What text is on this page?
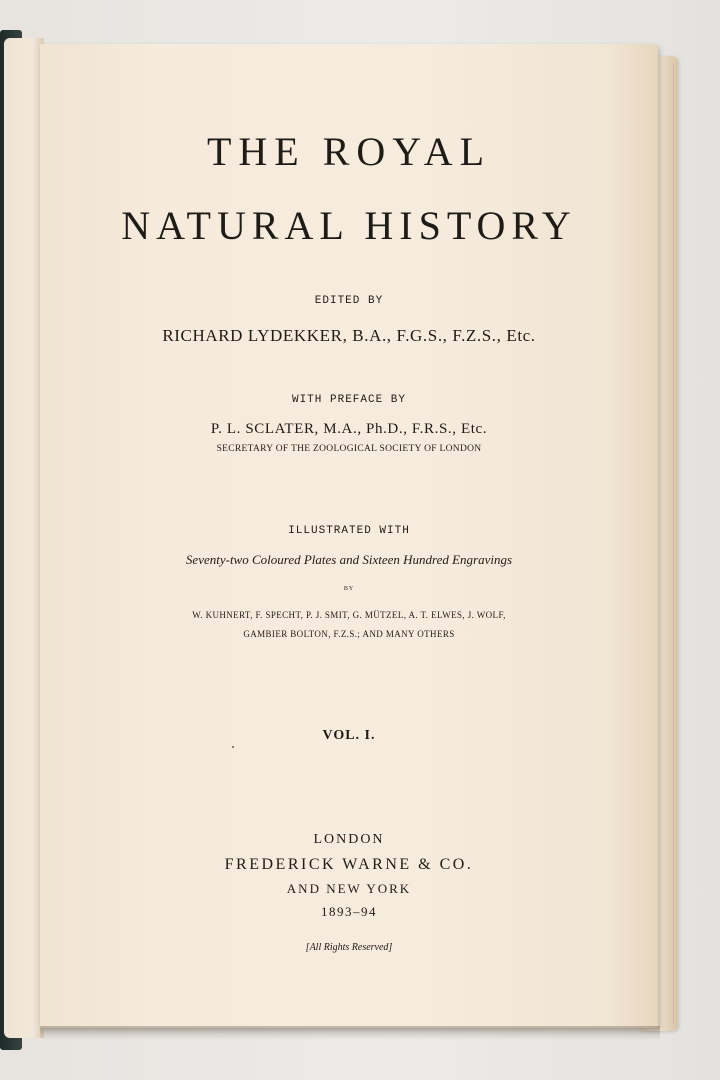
THE ROYAL
NATURAL HISTORY
EDITED BY
RICHARD LYDEKKER, B.A., F.G.S., F.Z.S., Etc.
WITH PREFACE BY
P. L. SCLATER, M.A., Ph.D., F.R.S., Etc.
SECRETARY OF THE ZOOLOGICAL SOCIETY OF LONDON
ILLUSTRATED WITH
Seventy-two Coloured Plates and Sixteen Hundred Engravings
BY
W. KUHNERT, F. SPECHT, P. J. SMIT, G. MÜTZEL, A. T. ELWES, J. WOLF,
GAMBIER BOLTON, F.Z.S.; AND MANY OTHERS
VOL. I.
LONDON
FREDERICK WARNE & CO.
AND NEW YORK
1893–94
[All Rights Reserved]
